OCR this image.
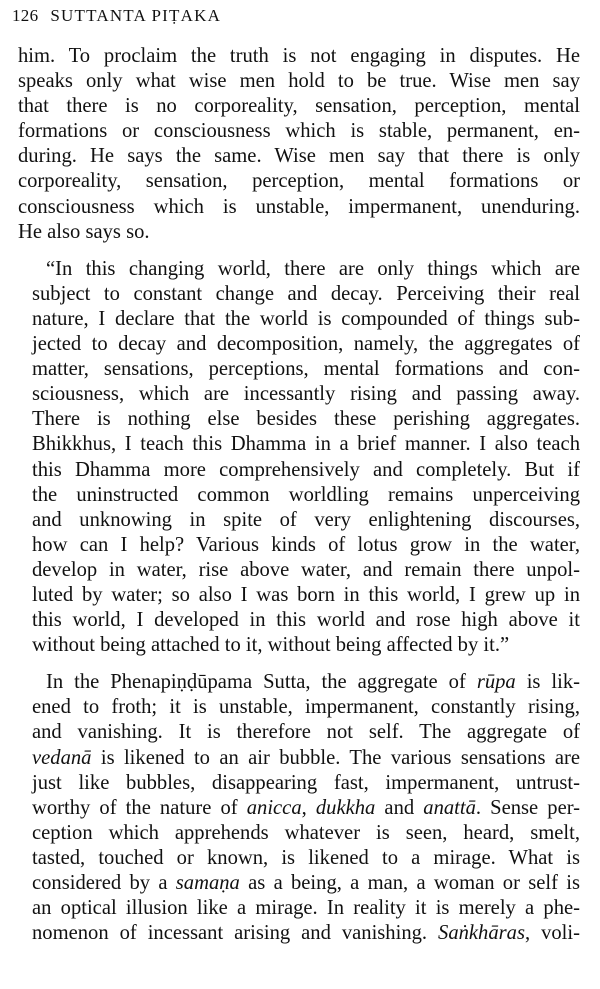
126 SUTTANTA PIṬAKA

him. To proclaim the truth is not engaging in disputes. He
speaks only what wise men hold to be true. Wise men say
that there is no corporeality, sensation, perception, mental
formations or consciousness which is stable, permanent, en-
during. He says the same. Wise men say that there is only
corporeality, sensation, perception, mental formations or
consciousness which is unstable, impermanent, unenduring.
He also says so.

“In this changing world, there are only things which are
subject to constant change and decay. Perceiving their real
nature, I declare that the world is compounded of things sub-
jected to decay and decomposition, namely, the aggregates of
matter, sensations, perceptions, mental formations and con-
sciousness, which are incessantly rising and passing away.
There is nothing else besides these perishing aggregates.
Bhikkhus, I teach this Dhamma in a brief manner. I also teach
this Dhamma more comprehensively and completely. But if
the uninstructed common worldling remains unperceiving
and unknowing in spite of very enlightening discourses,
how can I help? Various kinds of lotus grow in the water,
develop in water, rise above water, and remain there unpol-
luted by water; so also I was born in this world, I grew up in
this world, I developed in this world and rose high above it
without being attached to it, without being affected by it.”

In the Phenapiṇḍūpama Sutta, the aggregate of rūpa is lik-
ened to froth; it is unstable, impermanent, constantly rising,
and vanishing. It is therefore not self. The aggregate of
vedanā is likened to an air bubble. The various sensations are
just like bubbles, disappearing fast, impermanent, untrust-
worthy of the nature of anicca, dukkha and anattā. Sense per-
ception which apprehends whatever is seen, heard, smelt,
tasted, touched or known, is likened to a mirage. What is
considered by a samaṇa as a being, a man, a woman or self is
an optical illusion like a mirage. In reality it is merely a phe-
nomenon of incessant arising and vanishing. Saṅkhāras, voli-
